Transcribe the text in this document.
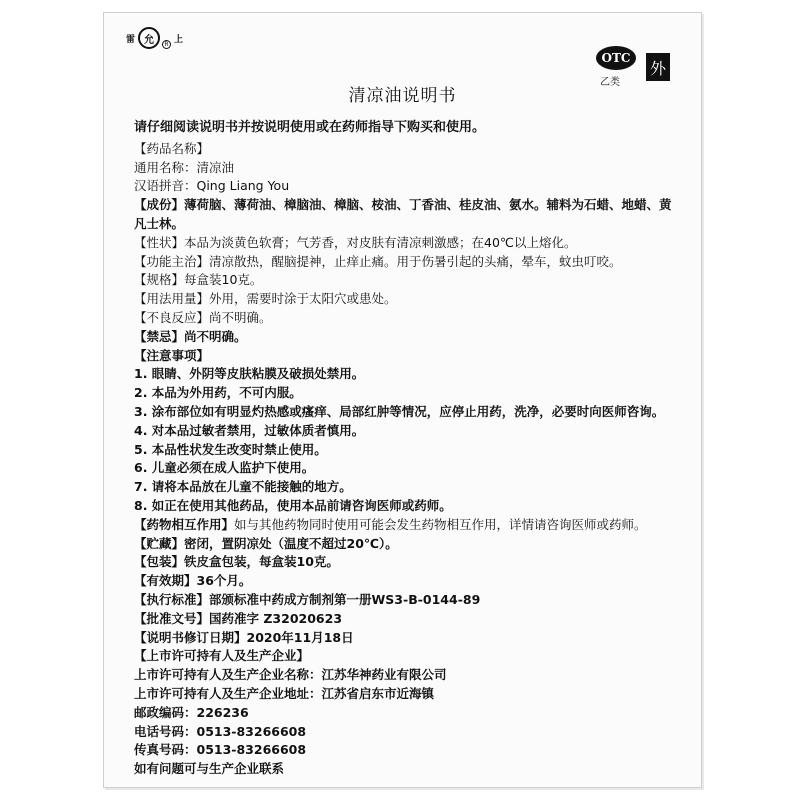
雷 允	R 上
OTC
乙类
外
清凉油说明书
请仔细阅读说明书并按说明使用或在药师指导下购买和使用。
【药品名称】
通用名称：清凉油
汉语拼音：Qing Liang You
【成份】薄荷脑、薄荷油、樟脑油、樟脑、桉油、丁香油、桂皮油、氨水。辅料为石蜡、地蜡、黄凡士林。
【性状】本品为淡黄色软膏；气芳香，对皮肤有清凉刺激感；在40℃以上熔化。
【功能主治】清凉散热，醒脑提神，止痒止痛。用于伤暑引起的头痛，晕车，蚊虫叮咬。
【规格】每盒装10克。
【用法用量】外用，需要时涂于太阳穴或患处。
【不良反应】尚不明确。
【禁忌】尚不明确。
【注意事项】
1. 眼睛、外阴等皮肤粘膜及破损处禁用。
2. 本品为外用药，不可内服。
3. 涂布部位如有明显灼热感或瘙痒、局部红肿等情况，应停止用药，洗净，必要时向医师咨询。
4. 对本品过敏者禁用，过敏体质者慎用。
5. 本品性状发生改变时禁止使用。
6. 儿童必须在成人监护下使用。
7. 请将本品放在儿童不能接触的地方。
8. 如正在使用其他药品，使用本品前请咨询医师或药师。
【药物相互作用】如与其他药物同时使用可能会发生药物相互作用，详情请咨询医师或药师。
【贮藏】密闭，置阴凉处（温度不超过20℃）。
【包装】铁皮盒包装，每盒装10克。
【有效期】36个月。
【执行标准】部颁标准中药成方制剂第一册WS3-B-0144-89
【批准文号】国药准字 Z32020623
【说明书修订日期】2020年11月18日
【上市许可持有人及生产企业】
上市许可持有人及生产企业名称：江苏华神药业有限公司
上市许可持有人及生产企业地址：江苏省启东市近海镇
邮政编码：226236
电话号码：0513-83266608
传真号码：0513-83266608
如有问题可与生产企业联系
